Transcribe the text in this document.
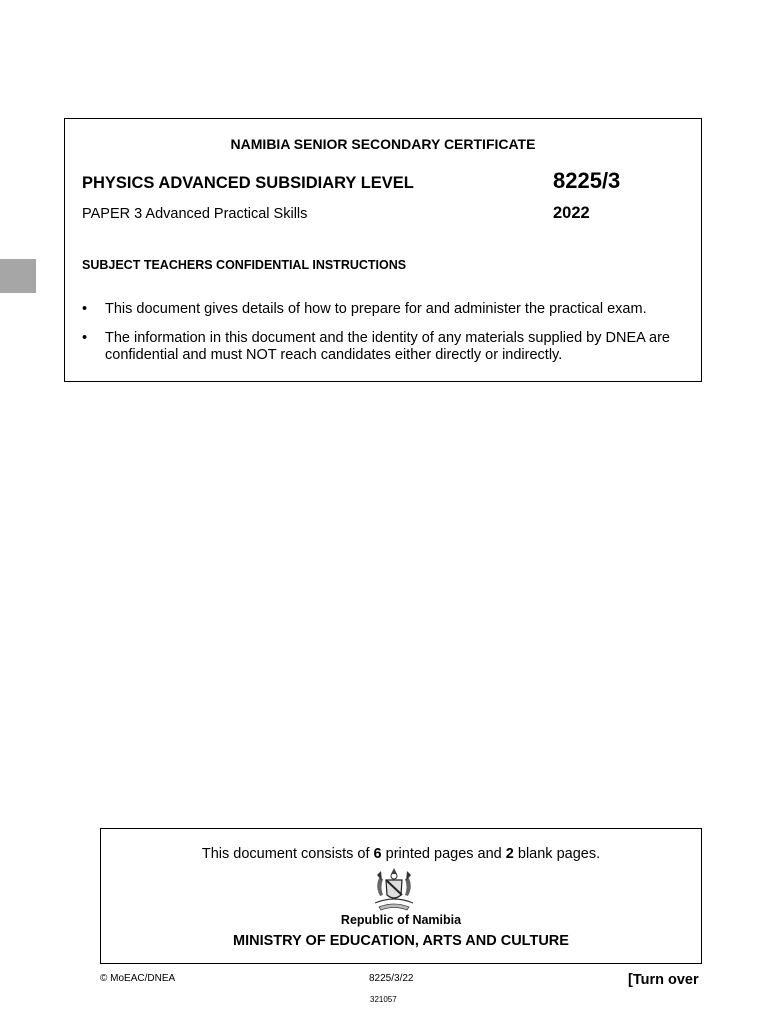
NAMIBIA SENIOR SECONDARY CERTIFICATE
PHYSICS ADVANCED SUBSIDIARY LEVEL	8225/3
PAPER 3 Advanced Practical Skills	2022
SUBJECT TEACHERS CONFIDENTIAL INSTRUCTIONS
• This document gives details of how to prepare for and administer the practical exam.
• The information in this document and the identity of any materials supplied by DNEA are confidential and must NOT reach candidates either directly or indirectly.
This document consists of 6 printed pages and 2 blank pages.
Republic of Namibia
MINISTRY OF EDUCATION, ARTS AND CULTURE
© MoEAC/DNEA	8225/3/22	[Turn over
321057
